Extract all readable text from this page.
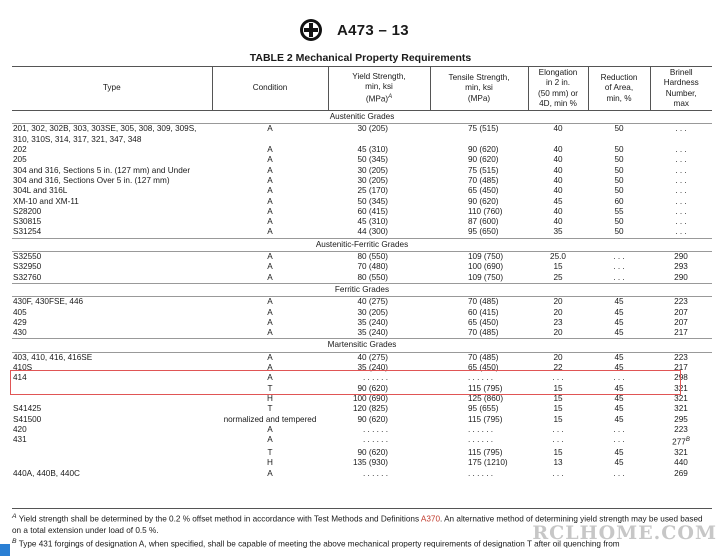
A473 – 13
TABLE 2 Mechanical Property Requirements
Type	Condition	Yield Strength,
min, ksi
(MPa)$^A$	Tensile Strength,
min, ksi
(MPa)	Elongation
in 2 in.
(50 mm) or
4D, min %	Reduction
of Area,
min, %	Brinell
Hardness
Number,
max
Austenitic Grades						
201, 302, 302B, 303, 303SE, 305, 308, 309, 309S, 310, 310S, 314, 317, 321, 347, 348	A	30 (205)	75 (515)	40	50	. . .
202	A	45 (310)	90 (620)	40	50	. . .
205	A	50 (345)	90 (620)	40	50	. . .
304 and 316, Sections 5 in. (127 mm) and Under	A	30 (205)	75 (515)	40	50	. . .
304 and 316, Sections Over 5 in. (127 mm)	A	30 (205)	70 (485)	40	50	. . .
304L and 316L	A	25 (170)	65 (450)	40	50	. . .
XM-10 and XM-11	A	50 (345)	90 (620)	45	60	. . .
S28200	A	60 (415)	110 (760)	40	55	. . .
S30815	A	45 (310)	87 (600)	40	50	. . .
S31254	A	44 (300)	95 (650)	35	50	. . .
Austenitic-Ferritic Grades						
S32550	A	80 (550)	109 (750)	25.0	. . .	290
S32950	A	70 (480)	100 (690)	15	. . .	293
S32760	A	80 (550)	109 (750)	25	. . .	290
Ferritic Grades						
430F, 430FSE, 446	A	40 (275)	70 (485)	20	45	223
405	A	30 (205)	60 (415)	20	45	207
429	A	35 (240)	65 (450)	23	45	207
430	A	35 (240)	70 (485)	20	45	217
Martensitic Grades						
403, 410, 416, 416SE	A	40 (275)	70 (485)	20	45	223
410S	A	35 (240)	65 (450)	22	45	217
414	A	. . . . . .	. . . . . .	. . .	. . .	298
	T	90 (620)	115 (795)	15	45	321
	H	100 (690)	125 (860)	15	45	321
S41425	T	120 (825)	95 (655)	15	45	321
S41500	normalized and tempered	90 (620)	115 (795)	15	45	295
420	A	. . . . . .	. . . . . .	. . .	. . .	223
431	A	. . . . . .	. . . . . .	. . .	. . .	$277^B$
	T	90 (620)	115 (795)	15	45	321
	H	135 (930)	175 (1210)	13	45	440
440A, 440B, 440C	A	. . . . . .	. . . . . .	. . .	. . .	269

$^A$ Yield strength shall be determined by the 0.2 % offset method in accordance with Test Methods and Definitions A370. An alternative method of determining yield strength may be used based on a total extension under load of 0.5 %.

$^B$ Type 431 forgings of designation A, when specified, shall be capable of meeting the above mechanical property requirements of designation T after oil quenching from

RCLHOME.COM
